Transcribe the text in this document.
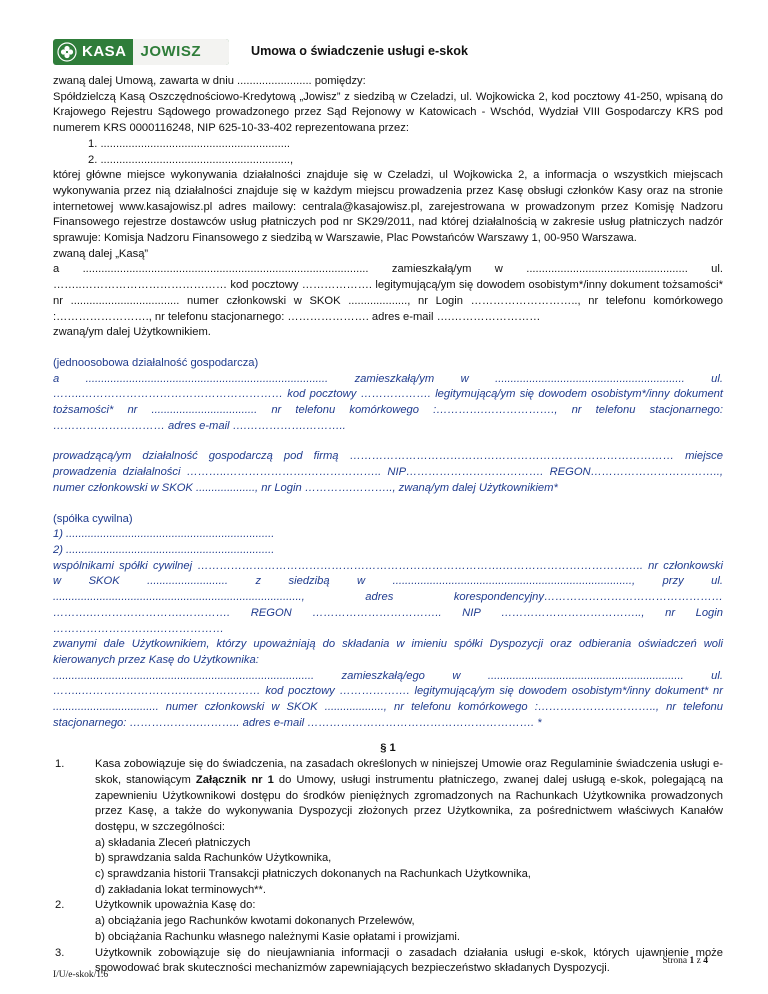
KASA JOWISZ	Umowa o świadczenie usługi e-skok

zwaną dalej Umową, zawarta w dniu ........................ pomiędzy:

Spółdzielczą Kasą Oszczędnościowo-Kredytową „Jowisz” z siedzibą w Czeladzi, ul. Wojkowicka 2, kod pocztowy 41-250, wpisaną do Krajowego Rejestru Sądowego prowadzonego przez Sąd Rejonowy w Katowicach - Wschód, Wydział VIII Gospodarczy KRS pod numerem KRS 0000116248, NIP 625-10-33-402 reprezentowana przez:

1. .............................................................

2. .............................................................,

której główne miejsce wykonywania działalności znajduje się w Czeladzi, ul Wojkowicka 2, a informacja o wszystkich miejscach wykonywania przez nią działalności znajduje się w każdym miejscu prowadzenia przez Kasę obsługi członków Kasy oraz na stronie internetowej www.kasajowisz.pl adres mailowy: centrala@kasajowisz.pl, zarejestrowana w prowadzonym przez Komisję Nadzoru Finansowego rejestrze dostawców usług płatniczych pod nr SK29/2011, nad której działalnością w zakresie usług płatniczych nadzór sprawuje: Komisja Nadzoru Finansowego z siedzibą w Warszawie, Plac Powstańców Warszawy 1, 00-950 Warszawa.

zwaną dalej „Kasą”

a ............................................................................................ zamieszkałą/ym w .................................................... ul. ……..………………………………… kod pocztowy ………………. legitymującą/ym się dowodem osobistym*/inny dokument tożsamości* nr ................................... numer członkowski w SKOK ..................., nr Login ……………………….., nr telefonu komórkowego :……………………., nr telefonu stacjonarnego: …………………. adres e-mail ….……………………

zwaną/ym dalej Użytkownikiem.

(jednoosobowa działalność gospodarcza)

a .............................................................................. zamieszkałą/ym w ............................................................. ul. ……..……………………………………………… kod pocztowy ………………. legitymującą/ym się dowodem osobistym*/inny dokument tożsamości* nr .................................. nr telefonu komórkowego :………….………………., nr telefonu stacjonarnego: ………………………… adres e-mail ….…………….………..

prowadzącą/ym działalność gospodarczą pod firmą …………………………………………………………………………… miejsce prowadzenia działalności ………..………………….……………….. NIP………………………………. REGON…………………………….., numer członkowski w SKOK ..................., nr Login ………….……….., zwaną/ym dalej Użytkownikiem*

(spółka cywilna)

1) ...................................................................

2) ...................................................................

wspólnikami spółki cywilnej ……………………………………………………………………….……………………………….. nr członkowski w SKOK .......................... z siedzibą w ............................................................................., przy ul. ................................................................................, adres korespondencyjny………………………………………… ……….…………………….…………. REGON …………………………….. NIP ……………………………….., nr Login ……………………….………………

zwanymi dale Użytkownikiem, którzy upoważniają do składania w imieniu spółki Dyspozycji oraz odbierania oświadczeń woli kierowanych przez Kasę do Użytkownika:

.................................................................................... zamieszkałą/ego w ............................................................... ul. ……..………………………………………… kod pocztowy ………………. legitymującą/ym się dowodem osobistym*/inny dokument* nr .................................. numer członkowski w SKOK ..................., nr telefonu komórkowego :………………………….., nr telefonu stacjonarnego: ……………….……….. adres e-mail ……………………………………………………. *

§ 1
1.	Kasa zobowiązuje się do świadczenia, na zasadach określonych w niniejszej Umowie oraz Regulaminie świadczenia usługi e-skok, stanowiącym Załącznik nr 1 do Umowy, usługi instrumentu płatniczego, zwanej dalej usługą e-skok, polegającą na zapewnieniu Użytkownikowi dostępu do środków pieniężnych zgromadzonych na Rachunkach Użytkownika prowadzonych przez Kasę, a także do wykonywania Dyspozycji złożonych przez Użytkownika, za pośrednictwem właściwych Kanałów dostępu, w szczególności:
a) składania Zleceń płatniczych
b) sprawdzania salda Rachunków Użytkownika,
c) sprawdzania historii Transakcji płatniczych dokonanych na Rachunkach Użytkownika,
d) zakładania lokat terminowych**.
2.	Użytkownik upoważnia Kasę do:
a) obciążania jego Rachunków kwotami dokonanych Przelewów,
b) obciążania Rachunku własnego należnymi Kasie opłatami i prowizjami.
3.	Użytkownik zobowiązuje się do nieujawniania informacji o zasadach działania usługi e-skok, których ujawnienie może spowodować brak skuteczności mechanizmów zapewniających bezpieczeństwo składanych Dyspozycji.
Strona 1 z 4
I/U/e-skok/1.6
